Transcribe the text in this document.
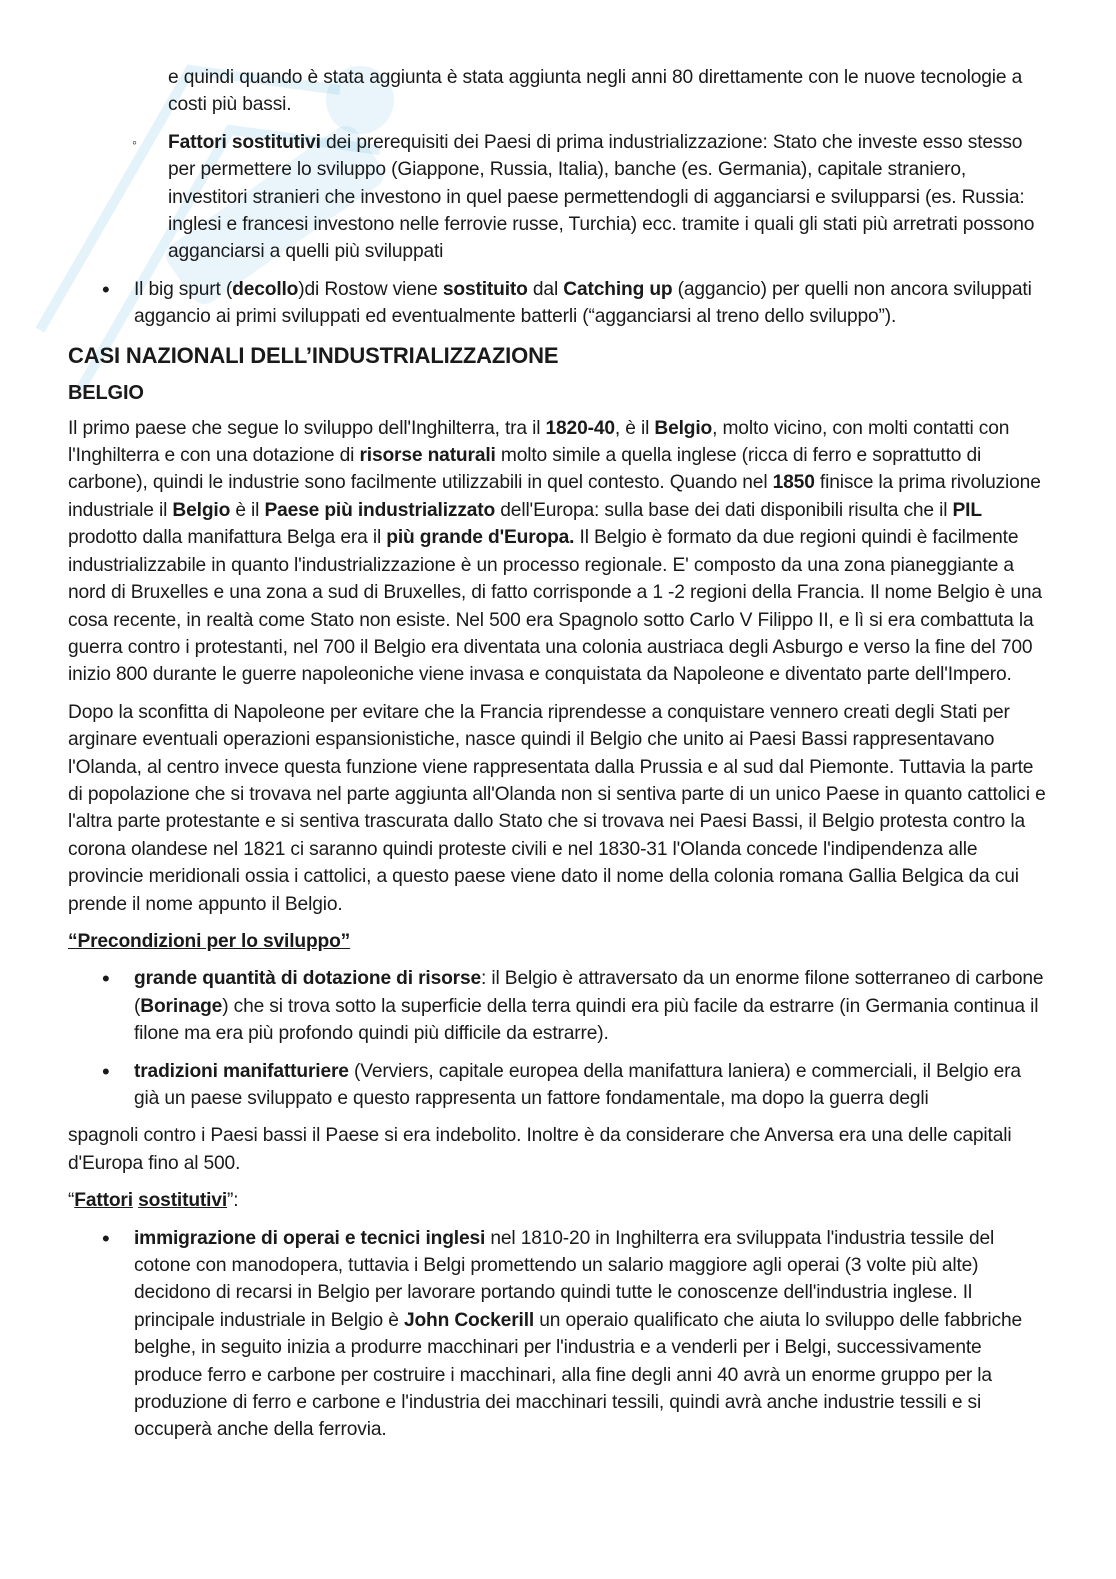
e quindi quando è stata aggiunta è stata aggiunta negli anni 80 direttamente con le nuove tecnologie a costi più bassi.
◦ Fattori sostitutivi dei prerequisiti dei Paesi di prima industrializzazione: Stato che investe esso stesso per permettere lo sviluppo (Giappone, Russia, Italia), banche (es. Germania), capitale straniero, investitori stranieri che investono in quel paese permettendogli di agganciarsi e svilupparsi (es. Russia: inglesi e francesi investono nelle ferrovie russe, Turchia) ecc. tramite i quali gli stati più arretrati possono agganciarsi a quelli più sviluppati
• Il big spurt (decollo)di Rostow viene sostituito dal Catching up (aggancio) per quelli non ancora sviluppati aggancio ai primi sviluppati ed eventualmente batterli (“agganciarsi al treno dello sviluppo”).
CASI NAZIONALI DELL’INDUSTRIALIZZAZIONE
BELGIO

Il primo paese che segue lo sviluppo dell'Inghilterra, tra il 1820-40, è il Belgio, molto vicino, con molti contatti con l'Inghilterra e con una dotazione di risorse naturali molto simile a quella inglese (ricca di ferro e soprattutto di carbone), quindi le industrie sono facilmente utilizzabili in quel contesto. Quando nel 1850 finisce la prima rivoluzione industriale il Belgio è il Paese più industrializzato dell'Europa: sulla base dei dati disponibili risulta che il PIL prodotto dalla manifattura Belga era il più grande d'Europa. Il Belgio è formato da due regioni quindi è facilmente industrializzabile in quanto l'industrializzazione è un processo regionale. E' composto da una zona pianeggiante a nord di Bruxelles e una zona a sud di Bruxelles, di fatto corrisponde a 1 -2 regioni della Francia. Il nome Belgio è una cosa recente, in realtà come Stato non esiste. Nel 500 era Spagnolo sotto Carlo V Filippo II, e lì si era combattuta la guerra contro i protestanti, nel 700 il Belgio era diventata una colonia austriaca degli Asburgo e verso la fine del 700 inizio 800 durante le guerre napoleoniche viene invasa e conquistata da Napoleone e diventato parte dell'Impero.

Dopo la sconfitta di Napoleone per evitare che la Francia riprendesse a conquistare vennero creati degli Stati per arginare eventuali operazioni espansionistiche, nasce quindi il Belgio che unito ai Paesi Bassi rappresentavano l'Olanda, al centro invece questa funzione viene rappresentata dalla Prussia e al sud dal Piemonte. Tuttavia la parte di popolazione che si trovava nel parte aggiunta all'Olanda non si sentiva parte di un unico Paese in quanto cattolici e l'altra parte protestante e si sentiva trascurata dallo Stato che si trovava nei Paesi Bassi, il Belgio protesta contro la corona olandese nel 1821 ci saranno quindi proteste civili e nel 1830-31 l'Olanda concede l'indipendenza alle provincie meridionali ossia i cattolici, a questo paese viene dato il nome della colonia romana Gallia Belgica da cui prende il nome appunto il Belgio.

“Precondizioni per lo sviluppo”
• grande quantità di dotazione di risorse: il Belgio è attraversato da un enorme filone sotterraneo di carbone (Borinage) che si trova sotto la superficie della terra quindi era più facile da estrarre (in Germania continua il filone ma era più profondo quindi più difficile da estrarre).
• tradizioni manifatturiere (Verviers, capitale europea della manifattura laniera) e commerciali, il Belgio era già un paese sviluppato e questo rappresenta un fattore fondamentale, ma dopo la guerra degli

spagnoli contro i Paesi bassi il Paese si era indebolito. Inoltre è da considerare che Anversa era una delle capitali d'Europa fino al 500.

“Fattori sostitutivi”:
• immigrazione di operai e tecnici inglesi nel 1810-20 in Inghilterra era sviluppata l'industria tessile del cotone con manodopera, tuttavia i Belgi promettendo un salario maggiore agli operai (3 volte più alte) decidono di recarsi in Belgio per lavorare portando quindi tutte le conoscenze dell'industria inglese. Il principale industriale in Belgio è John Cockerill un operaio qualificato che aiuta lo sviluppo delle fabbriche belghe, in seguito inizia a produrre macchinari per l'industria e a venderli per i Belgi, successivamente produce ferro e carbone per costruire i macchinari, alla fine degli anni 40 avrà un enorme gruppo per la produzione di ferro e carbone e l'industria dei macchinari tessili, quindi avrà anche industrie tessili e si occuperà anche della ferrovia.
